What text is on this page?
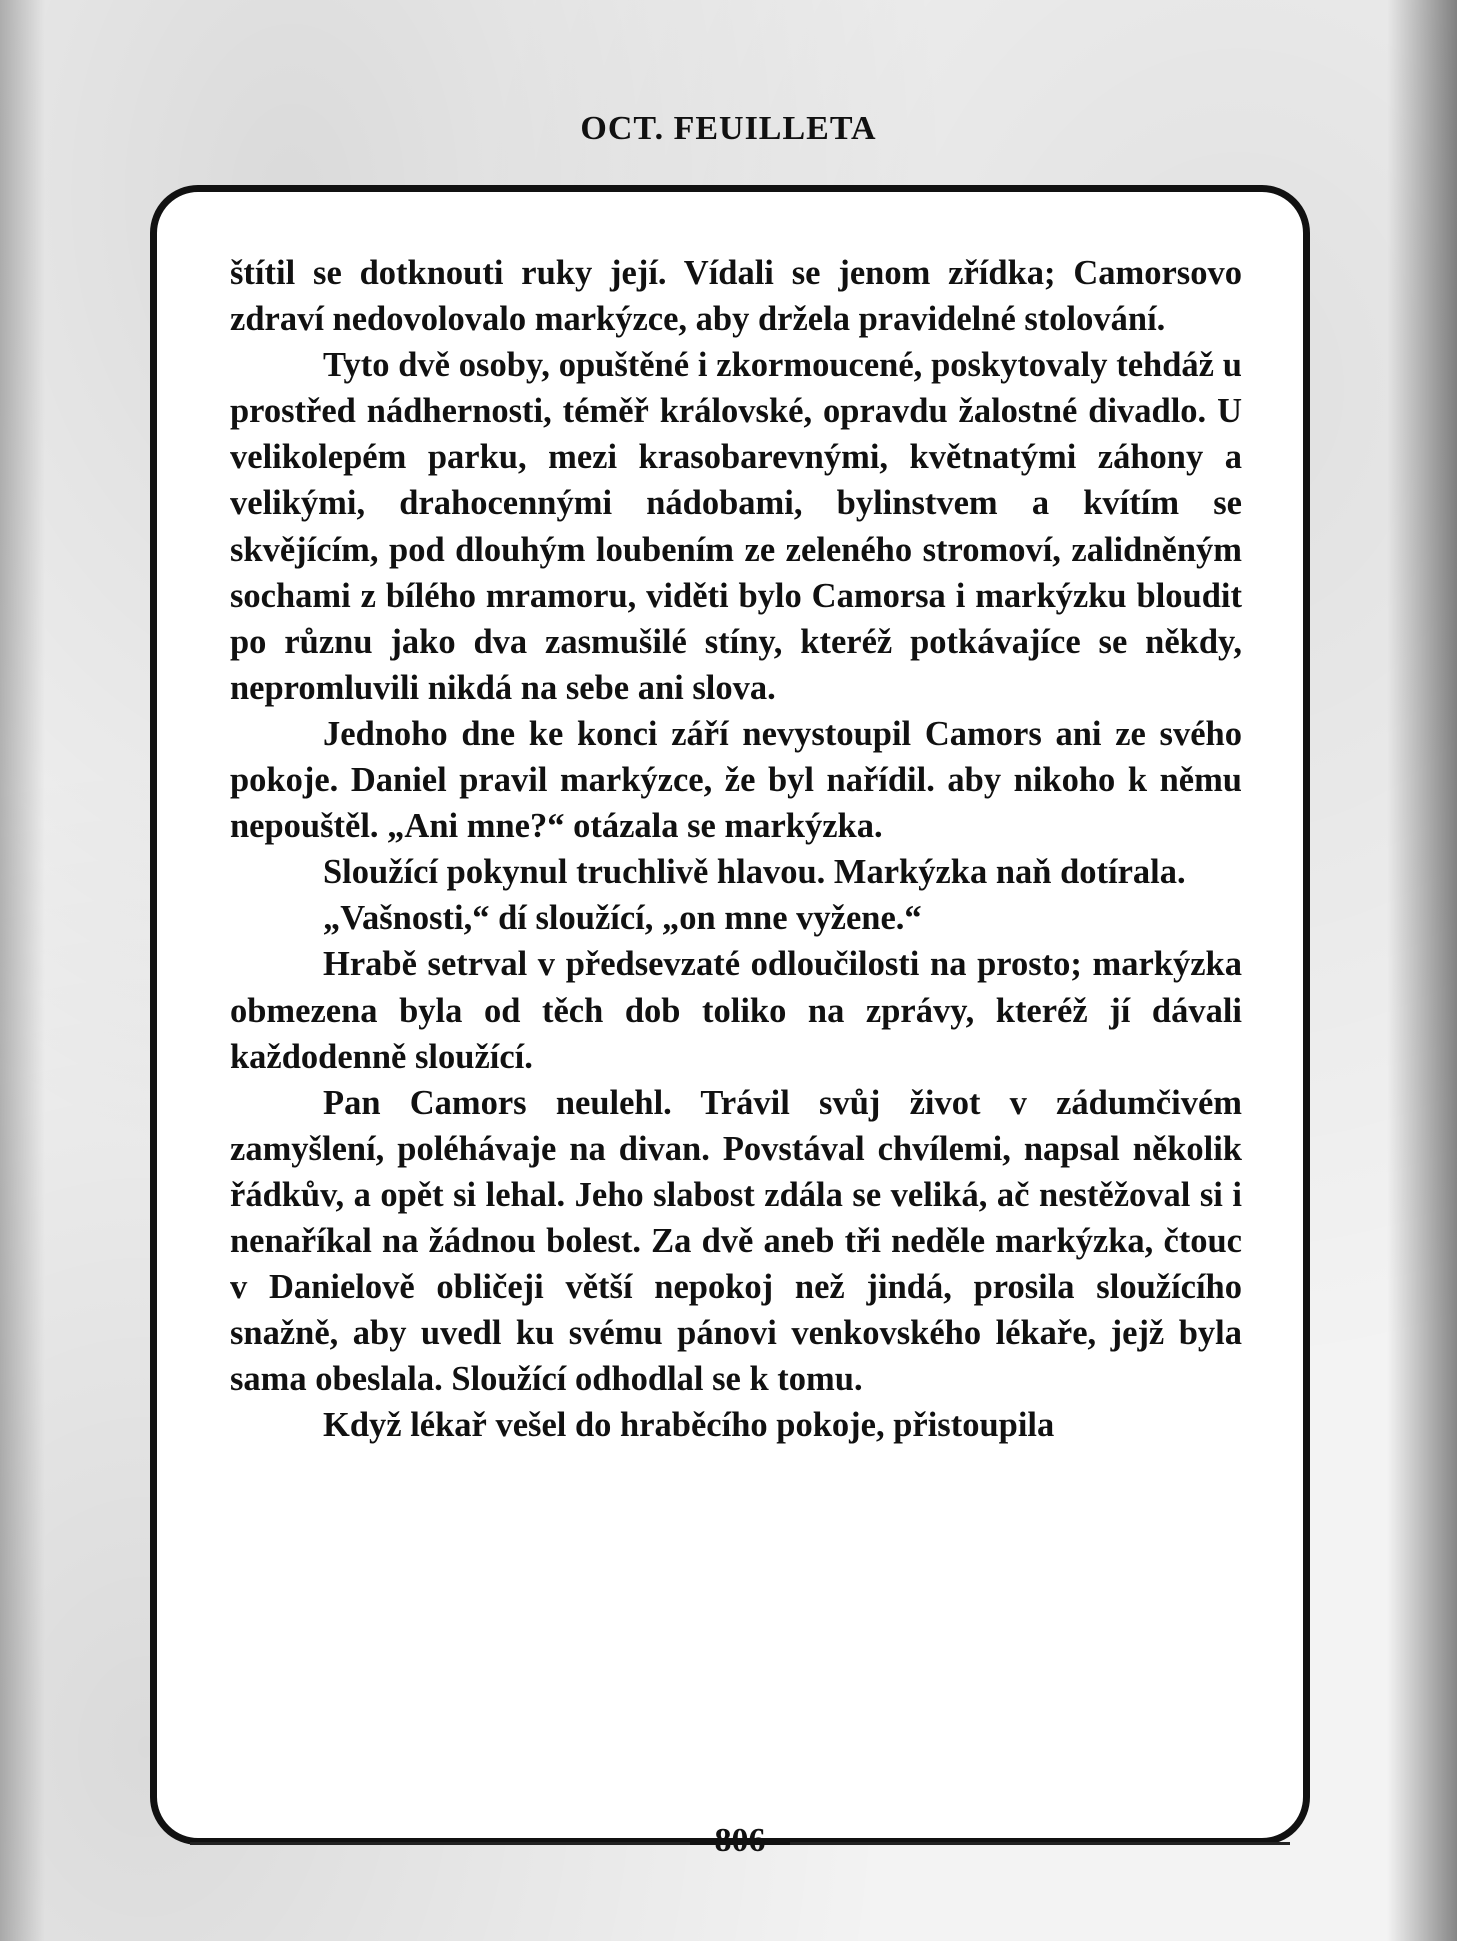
OCT. FEUILLETA

štítil se dotknouti ruky její. Vídali se jenom zřídka; Camorsovo zdraví nedovolovalo markýzce, aby držela pravidelné stolování.

Tyto dvě osoby, opuštěné i zkormoucené, poskytovaly tehdáž u prostřed nádhernosti, téměř královské, opravdu žalostné divadlo. U velikolepém parku, mezi krasobarevnými, květnatými záhony a velikými, drahocennými nádobami, bylinstvem a kvítím se skvějícím, pod dlouhým loubením ze zeleného stromoví, zalidněným sochami z bílého mramoru, viděti bylo Camorsa i markýzku bloudit po různu jako dva zasmušilé stíny, kteréž potkávajíce se někdy, nepromluvili nikdá na sebe ani slova.

Jednoho dne ke konci září nevystoupil Camors ani ze svého pokoje. Daniel pravil markýzce, že byl nařídil. aby nikoho k němu nepouštěl. „Ani mne?“ otázala se markýzka.

Sloužící pokynul truchlivě hlavou. Markýzka naň dotírala.

„Vašnosti,“ dí sloužící, „on mne vyžene.“

Hrabě setrval v předsevzaté odloučilosti na prosto; markýzka obmezena byla od těch dob toliko na zprávy, kteréž jí dávali každodenně sloužící.

Pan Camors neulehl. Trávil svůj život v zádumčivém zamyšlení, poléhávaje na divan. Povstával chvílemi, napsal několik řádkův, a opět si lehal. Jeho slabost zdála se veliká, ač nestěžoval si i nenaříkal na žádnou bolest. Za dvě aneb tři neděle markýzka, čtouc v Danielově obličeji větší nepokoj než jindá, prosila sloužícího snažně, aby uvedl ku svému pánovi venkovského lékaře, jejž byla sama obeslala. Sloužící odhodlal se k tomu.

Když lékař vešel do hraběcího pokoje, přistoupila

806
